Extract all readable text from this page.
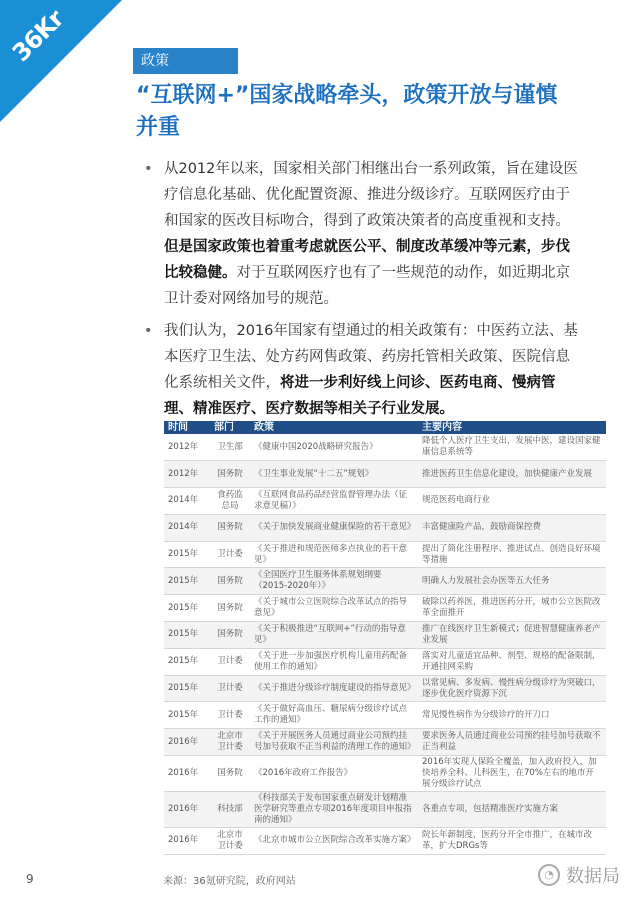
36Kr	政策
“互联网+”国家战略牵头，政策开放与谨慎并重
• 从2012年以来，国家相关部门相继出台一系列政策，旨在建设医疗信息化基础、优化配置资源、推进分级诊疗。互联网医疗由于和国家的医改目标吻合，得到了政策决策者的高度重视和支持。但是国家政策也着重考虑就医公平、制度改革缓冲等元素，步伐比较稳健。对于互联网医疗也有了一些规范的动作，如近期北京卫计委对网络加号的规范。
• 我们认为，2016年国家有望通过的相关政策有：中医药立法、基本医疗卫生法、处方药网售政策、药房托管相关政策、医院信息化系统相关文件，将进一步利好线上问诊、医药电商、慢病管理、精准医疗、医疗数据等相关子行业发展。
时间	部门	政策	主要内容
2012年	卫生部	《健康中国2020战略研究报告》	降低个人医疗卫生支出，发展中医，建设国家健康信息系统等
2012年	国务院	《卫生事业发展“十二五”规划》	推进医药卫生信息化建设，加快健康产业发展
2014年	食药监总局	《互联网食品药品经营监督管理办法（征求意见稿）》	规范医药电商行业
2014年	国务院	《关于加快发展商业健康保险的若干意见》	丰富健康险产品，鼓励商保控费
2015年	卫计委	《关于推进和规范医师多点执业的若干意见》	提出了简化注册程序、推进试点、创造良好环境等措施
2015年	国务院	《全国医疗卫生服务体系规划纲要（2015-2020年）》	明确人力发展社会办医等五大任务
2015年	国务院	《关于城市公立医院综合改革试点的指导意见》	破除以药养医，推进医药分开，城市公立医院改革全面推开
2015年	国务院	《关于积极推进“互联网+”行动的指导意见》	推广在线医疗卫生新模式；促进智慧健康养老产业发展
2015年	卫计委	《关于进一步加强医疗机构儿童用药配备使用工作的通知》	落实对儿童适宜品种、剂型、规格的配备限制，开通挂网采购
2015年	卫计委	《关于推进分级诊疗制度建设的指导意见》	以常见病、多发病、慢性病分级诊疗为突破口，逐步优化医疗资源下沉
2015年	卫计委	《关于做好高血压、糖尿病分级诊疗试点工作的通知》	常见慢性病作为分级诊疗的开刀口
2016年	北京市卫计委	《关于开展医务人员通过商业公司预约挂号加号获取不正当利益的清理工作的通知》	要求医务人员通过商业公司预约挂号加号获取不正当利益
2016年	国务院	《2016年政府工作报告》	2016年实现人保险全覆盖，加入政府投入，加快培养全科、儿科医生，在70%左右的地市开展分级诊疗试点
2016年	科技部	《科技部关于发布国家重点研发计划精准医学研究等重点专项2016年度项目申报指南的通知》	各重点专项，包括精准医疗实施方案
2016年	北京市卫计委	《北京市城市公立医院综合改革实施方案》	院长年薪制度，医药分开全市推广，在城市改革，扩大DRGs等
9	来源：36氪研究院，政府网站
◔ 数据局
